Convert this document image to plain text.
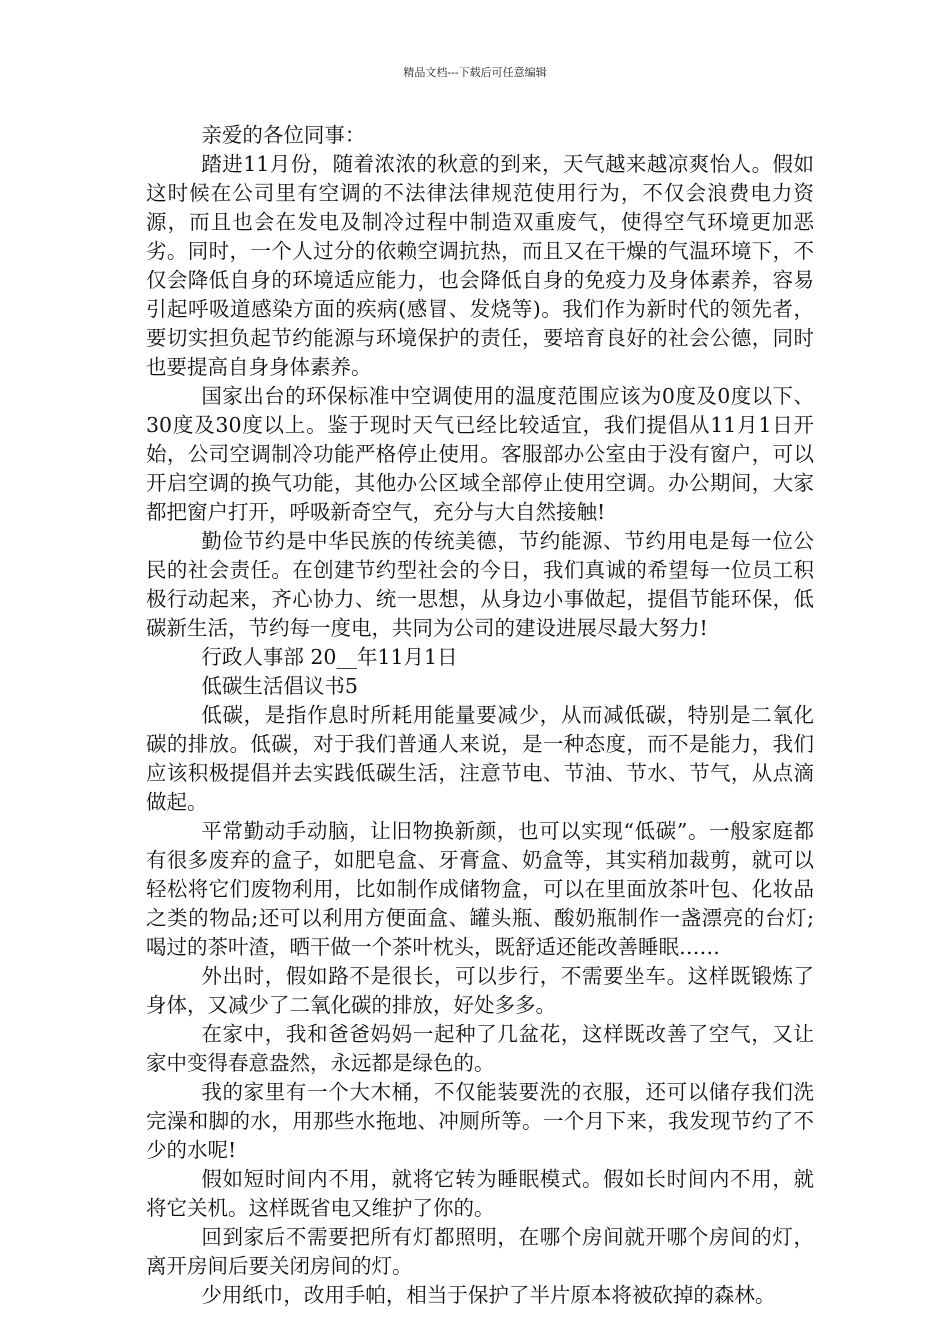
精品文档---下载后可任意编辑

亲爱的各位同事：

踏进11月份，随着浓浓的秋意的到来，天气越来越凉爽怡人。假如这时候在公司里有空调的不法律法律规范使用行为，不仅会浪费电力资源，而且也会在发电及制冷过程中制造双重废气，使得空气环境更加恶劣。同时，一个人过分的依赖空调抗热，而且又在干燥的气温环境下，不仅会降低自身的环境适应能力，也会降低自身的免疫力及身体素养，容易引起呼吸道感染方面的疾病(感冒、发烧等)。我们作为新时代的领先者，要切实担负起节约能源与环境保护的责任，要培育良好的社会公德，同时也要提高自身身体素养。

国家出台的环保标准中空调使用的温度范围应该为0度及0度以下、30度及30度以上。鉴于现时天气已经比较适宜，我们提倡从11月1日开始，公司空调制冷功能严格停止使用。客服部办公室由于没有窗户，可以开启空调的换气功能，其他办公区域全部停止使用空调。办公期间，大家都把窗户打开，呼吸新奇空气，充分与大自然接触!

勤俭节约是中华民族的传统美德，节约能源、节约用电是每一位公民的社会责任。在创建节约型社会的今日，我们真诚的希望每一位员工积极行动起来，齐心协力、统一思想，从身边小事做起，提倡节能环保，低碳新生活，节约每一度电，共同为公司的建设进展尽最大努力!

行政人事部 20__年11月1日

低碳生活倡议书5

低碳，是指作息时所耗用能量要减少，从而减低碳，特别是二氧化碳的排放。低碳，对于我们普通人来说，是一种态度，而不是能力，我们应该积极提倡并去实践低碳生活，注意节电、节油、节水、节气，从点滴做起。

平常勤动手动脑，让旧物换新颜，也可以实现“低碳”。一般家庭都有很多废弃的盒子，如肥皂盒、牙膏盒、奶盒等，其实稍加裁剪，就可以轻松将它们废物利用，比如制作成储物盒，可以在里面放茶叶包、化妆品之类的物品;还可以利用方便面盒、罐头瓶、酸奶瓶制作一盏漂亮的台灯;喝过的茶叶渣，晒干做一个茶叶枕头，既舒适还能改善睡眠……

外出时，假如路不是很长，可以步行，不需要坐车。这样既锻炼了身体，又减少了二氧化碳的排放，好处多多。

在家中，我和爸爸妈妈一起种了几盆花，这样既改善了空气，又让家中变得春意盎然，永远都是绿色的。

我的家里有一个大木桶，不仅能装要洗的衣服，还可以储存我们洗完澡和脚的水，用那些水拖地、冲厕所等。一个月下来，我发现节约了不少的水呢!

假如短时间内不用，就将它转为睡眠模式。假如长时间内不用，就将它关机。这样既省电又维护了你的。

回到家后不需要把所有灯都照明，在哪个房间就开哪个房间的灯，离开房间后要关闭房间的灯。

少用纸巾，改用手帕，相当于保护了半片原本将被砍掉的森林。
